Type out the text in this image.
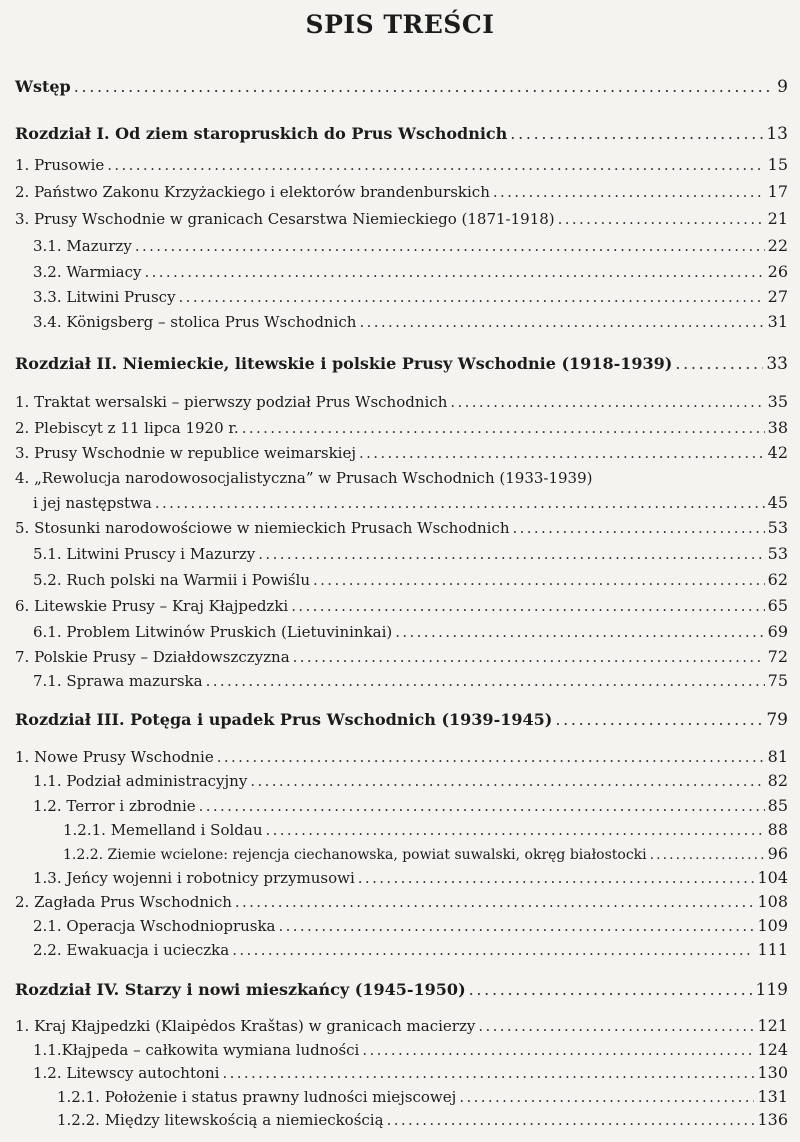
SPIS TREŚCI
Wstęp . . .	9
Rozdział I. Od ziem staropruskich do Prus Wschodnich . . .	13
1. Prusowie . . .	15
2. Państwo Zakonu Krzyżackiego i elektorów brandenburskich . . .	17
3. Prusy Wschodnie w granicach Cesarstwa Niemieckiego (1871-1918) . . .	21
3.1. Mazurzy . . .	22
3.2. Warmiacy . . .	26
3.3. Litwini Pruscy . . .	27
3.4. Königsberg – stolica Prus Wschodnich . . .	31
Rozdział II. Niemieckie, litewskie i polskie Prusy Wschodnie (1918-1939) . . .	33
1. Traktat wersalski – pierwszy podział Prus Wschodnich . . .	35
2. Plebiscyt z 11 lipca 1920 r. . . .	38
3. Prusy Wschodnie w republice weimarskiej . . .	42
4. „Rewolucja narodowosocjalistyczna” w Prusach Wschodnich (1933-1939)
i jej następstwa . . .	45
5. Stosunki narodowościowe w niemieckich Prusach Wschodnich . . .	53
5.1. Litwini Pruscy i Mazurzy . . .	53
5.2. Ruch polski na Warmii i Powiślu . . .	62
6. Litewskie Prusy – Kraj Kłajpedzki . . .	65
6.1. Problem Litwinów Pruskich (Lietuvininkai) . . .	69
7. Polskie Prusy – Działdowszczyzna . . .	72
7.1. Sprawa mazurska . . .	75
Rozdział III. Potęga i upadek Prus Wschodnich (1939-1945) . . .	79
1. Nowe Prusy Wschodnie . . .	81
1.1. Podział administracyjny . . .	82
1.2. Terror i zbrodnie . . .	85
1.2.1. Memelland i Soldau . . .	88
1.2.2. Ziemie wcielone: rejencja ciechanowska, powiat suwalski, okręg białostocki . . .	96
1.3. Jeńcy wojenni i robotnicy przymusowi . . .	104
2. Zagłada Prus Wschodnich . . .	108
2.1. Operacja Wschodniopruska . . .	109
2.2. Ewakuacja i ucieczka . . .	111
Rozdział IV. Starzy i nowi mieszkańcy (1945-1950) . . .	119
1. Kraj Kłajpedzki (Klaipėdos Kraštas) w granicach macierzy . . .	121
1.1.Kłajpeda – całkowita wymiana ludności . . .	124
1.2. Litewscy autochtoni . . .	130
1.2.1. Położenie i status prawny ludności miejscowej . . .	131
1.2.2. Między litewskością a niemieckością . . .	136
